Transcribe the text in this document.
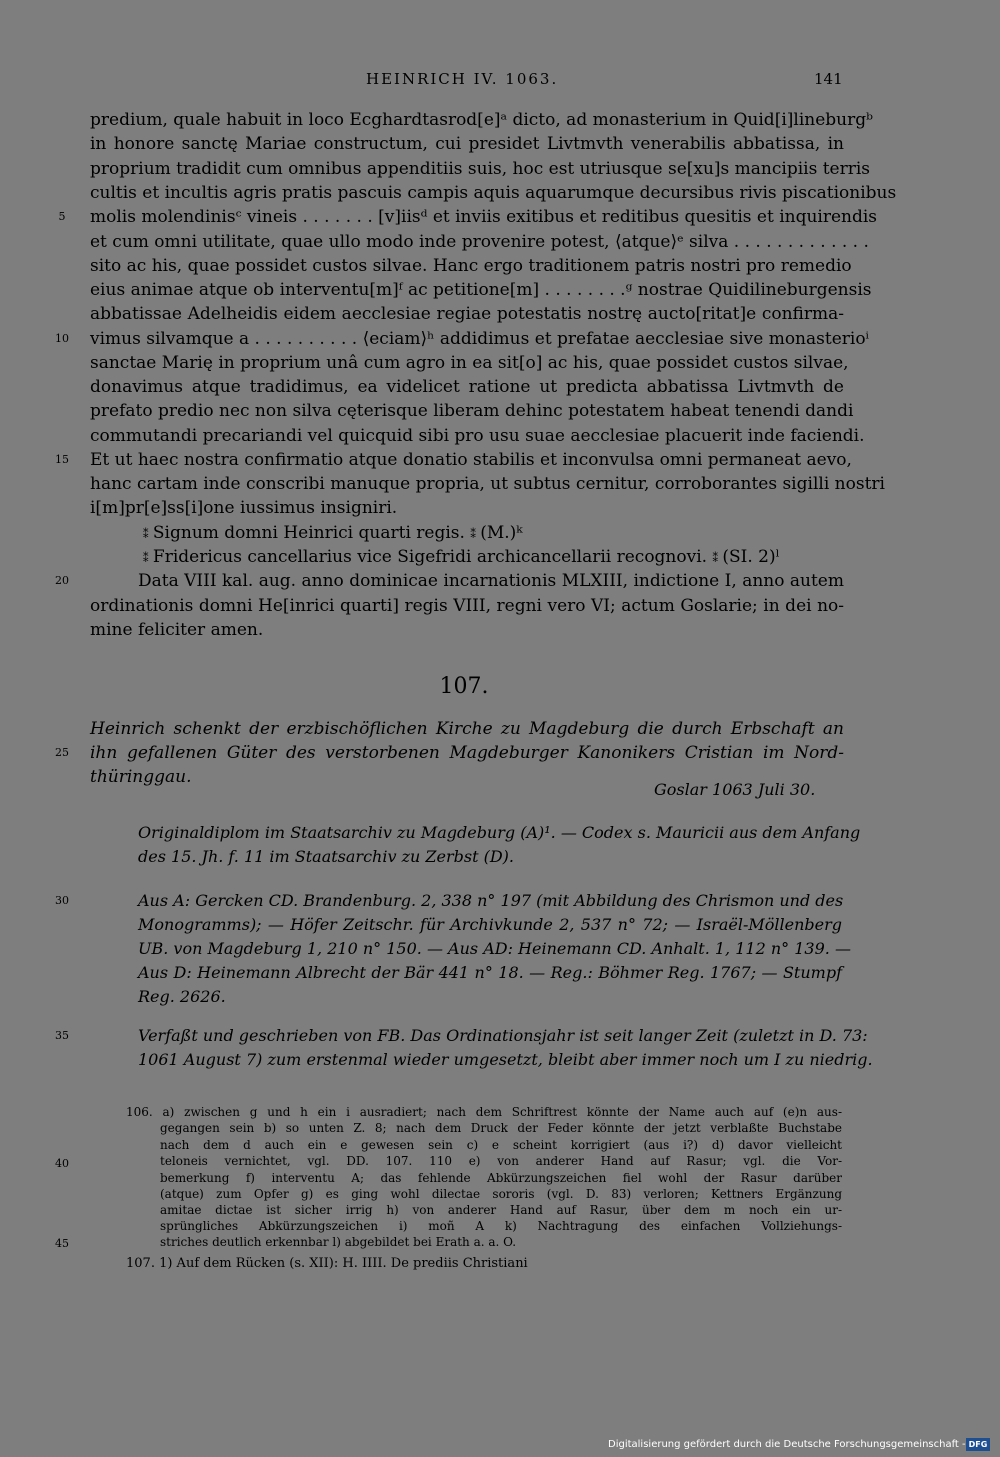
HEINRICH IV. 1063.	141
predium, quale habuit in loco Ecghardtasrod[e]ᵃ dicto, ad monasterium in Quid[i]lineburgᵇ
in honore sanctę Mariae constructum, cui presidet Livtmvth venerabilis abbatissa, in
proprium tradidit cum omnibus appenditiis suis, hoc est utriusque se[xu]s mancipiis terris
cultis et incultis agris pratis pascuis campis aquis aquarumque decursibus rivis piscationibus
molis molendinisᶜ vineis . . . . . . . [v]iisᵈ et inviis exitibus et reditibus quesitis et inquirendis
et cum omni utilitate, quae ullo modo inde provenire potest, ⟨atque⟩ᵉ silva . . . . . . . . . . . . .
sito ac his, quae possidet custos silvae. Hanc ergo traditionem patris nostri pro remedio
eius animae atque ob interventu[m]ᶠ ac petitione[m] . . . . . . . .ᵍ nostrae Quidilineburgensis
abbatissae Adelheidis eidem aecclesiae regiae potestatis nostrę aucto[ritat]e confirma-
vimus silvamque a . . . . . . . . . . ⟨eciam⟩ʰ addidimus et prefatae aecclesiae sive monasterioⁱ
sanctae Marię in proprium unâ cum agro in ea sit[o] ac his, quae possidet custos silvae,
donavimus atque tradidimus, ea videlicet ratione ut predicta abbatissa Livtmvth de
prefato predio nec non silva cęterisque liberam dehinc potestatem habeat tenendi dandi
commutandi precariandi vel quicquid sibi pro usu suae aecclesiae placuerit inde faciendi.
Et ut haec nostra confirmatio atque donatio stabilis et inconvulsa omni permaneat aevo,
hanc cartam inde conscribi manuque propria, ut subtus cernitur, corroborantes sigilli nostri
i[m]pr[e]ss[i]one iussimus insigniri.
⁑ Signum domni Heinrici quarti regis. ⁑ (M.)ᵏ
⁑ Fridericus cancellarius vice Sigefridi archicancellarii recognovi. ⁑ (SI. 2)ˡ
Data VIII kal. aug. anno dominicae incarnationis MLXIII, indictione I, anno autem
ordinationis domni He[inrici quarti] regis VIII, regni vero VI; actum Goslarie; in dei no-
mine feliciter amen.
5
10
15
20
25
30
35
40
45
107.
Heinrich schenkt der erzbischöflichen Kirche zu Magdeburg die durch Erbschaft an
ihn gefallenen Güter des verstorbenen Magdeburger Kanonikers Cristian im Nord-
thüringgau.
Goslar 1063 Juli 30.
Originaldiplom im Staatsarchiv zu Magdeburg (A)¹. — Codex s. Mauricii aus dem Anfang
des 15. Jh. f. 11 im Staatsarchiv zu Zerbst (D).
Aus A: Gercken CD. Brandenburg. 2, 338 n° 197 (mit Abbildung des Chrismon und des
Monogramms); — Höfer Zeitschr. für Archivkunde 2, 537 n° 72; — Israël-Möllenberg
UB. von Magdeburg 1, 210 n° 150. — Aus AD: Heinemann CD. Anhalt. 1, 112 n° 139. —
Aus D: Heinemann Albrecht der Bär 441 n° 18. — Reg.: Böhmer Reg. 1767; — Stumpf
Reg. 2626.
Verfaßt und geschrieben von FB. Das Ordinationsjahr ist seit langer Zeit (zuletzt in D. 73:
1061 August 7) zum erstenmal wieder umgesetzt, bleibt aber immer noch um I zu niedrig.
106. a) zwischen g und h ein i ausradiert; nach dem Schriftrest könnte der Name auch auf (e)n aus-
gegangen sein b) so unten Z. 8; nach dem Druck der Feder könnte der jetzt verblaßte Buchstabe
nach dem d auch ein e gewesen sein c) e scheint korrigiert (aus i?) d) davor vielleicht
teloneis vernichtet, vgl. DD. 107. 110 e) von anderer Hand auf Rasur; vgl. die Vor-
bemerkung f) interventu A; das fehlende Abkürzungszeichen fiel wohl der Rasur darüber
(atque) zum Opfer g) es ging wohl dilectae sororis (vgl. D. 83) verloren; Kettners Ergänzung
amitae dictae ist sicher irrig h) von anderer Hand auf Rasur, über dem m noch ein ur-
sprüngliches Abkürzungszeichen i) moñ A k) Nachtragung des einfachen Vollziehungs-
striches deutlich erkennbar l) abgebildet bei Erath a. a. O.
107. 1) Auf dem Rücken (s. XII): H. IIII. De prediis Christiani
Digitalisierung gefördert durch die Deutsche Forschungsgemeinschaft - DFG
